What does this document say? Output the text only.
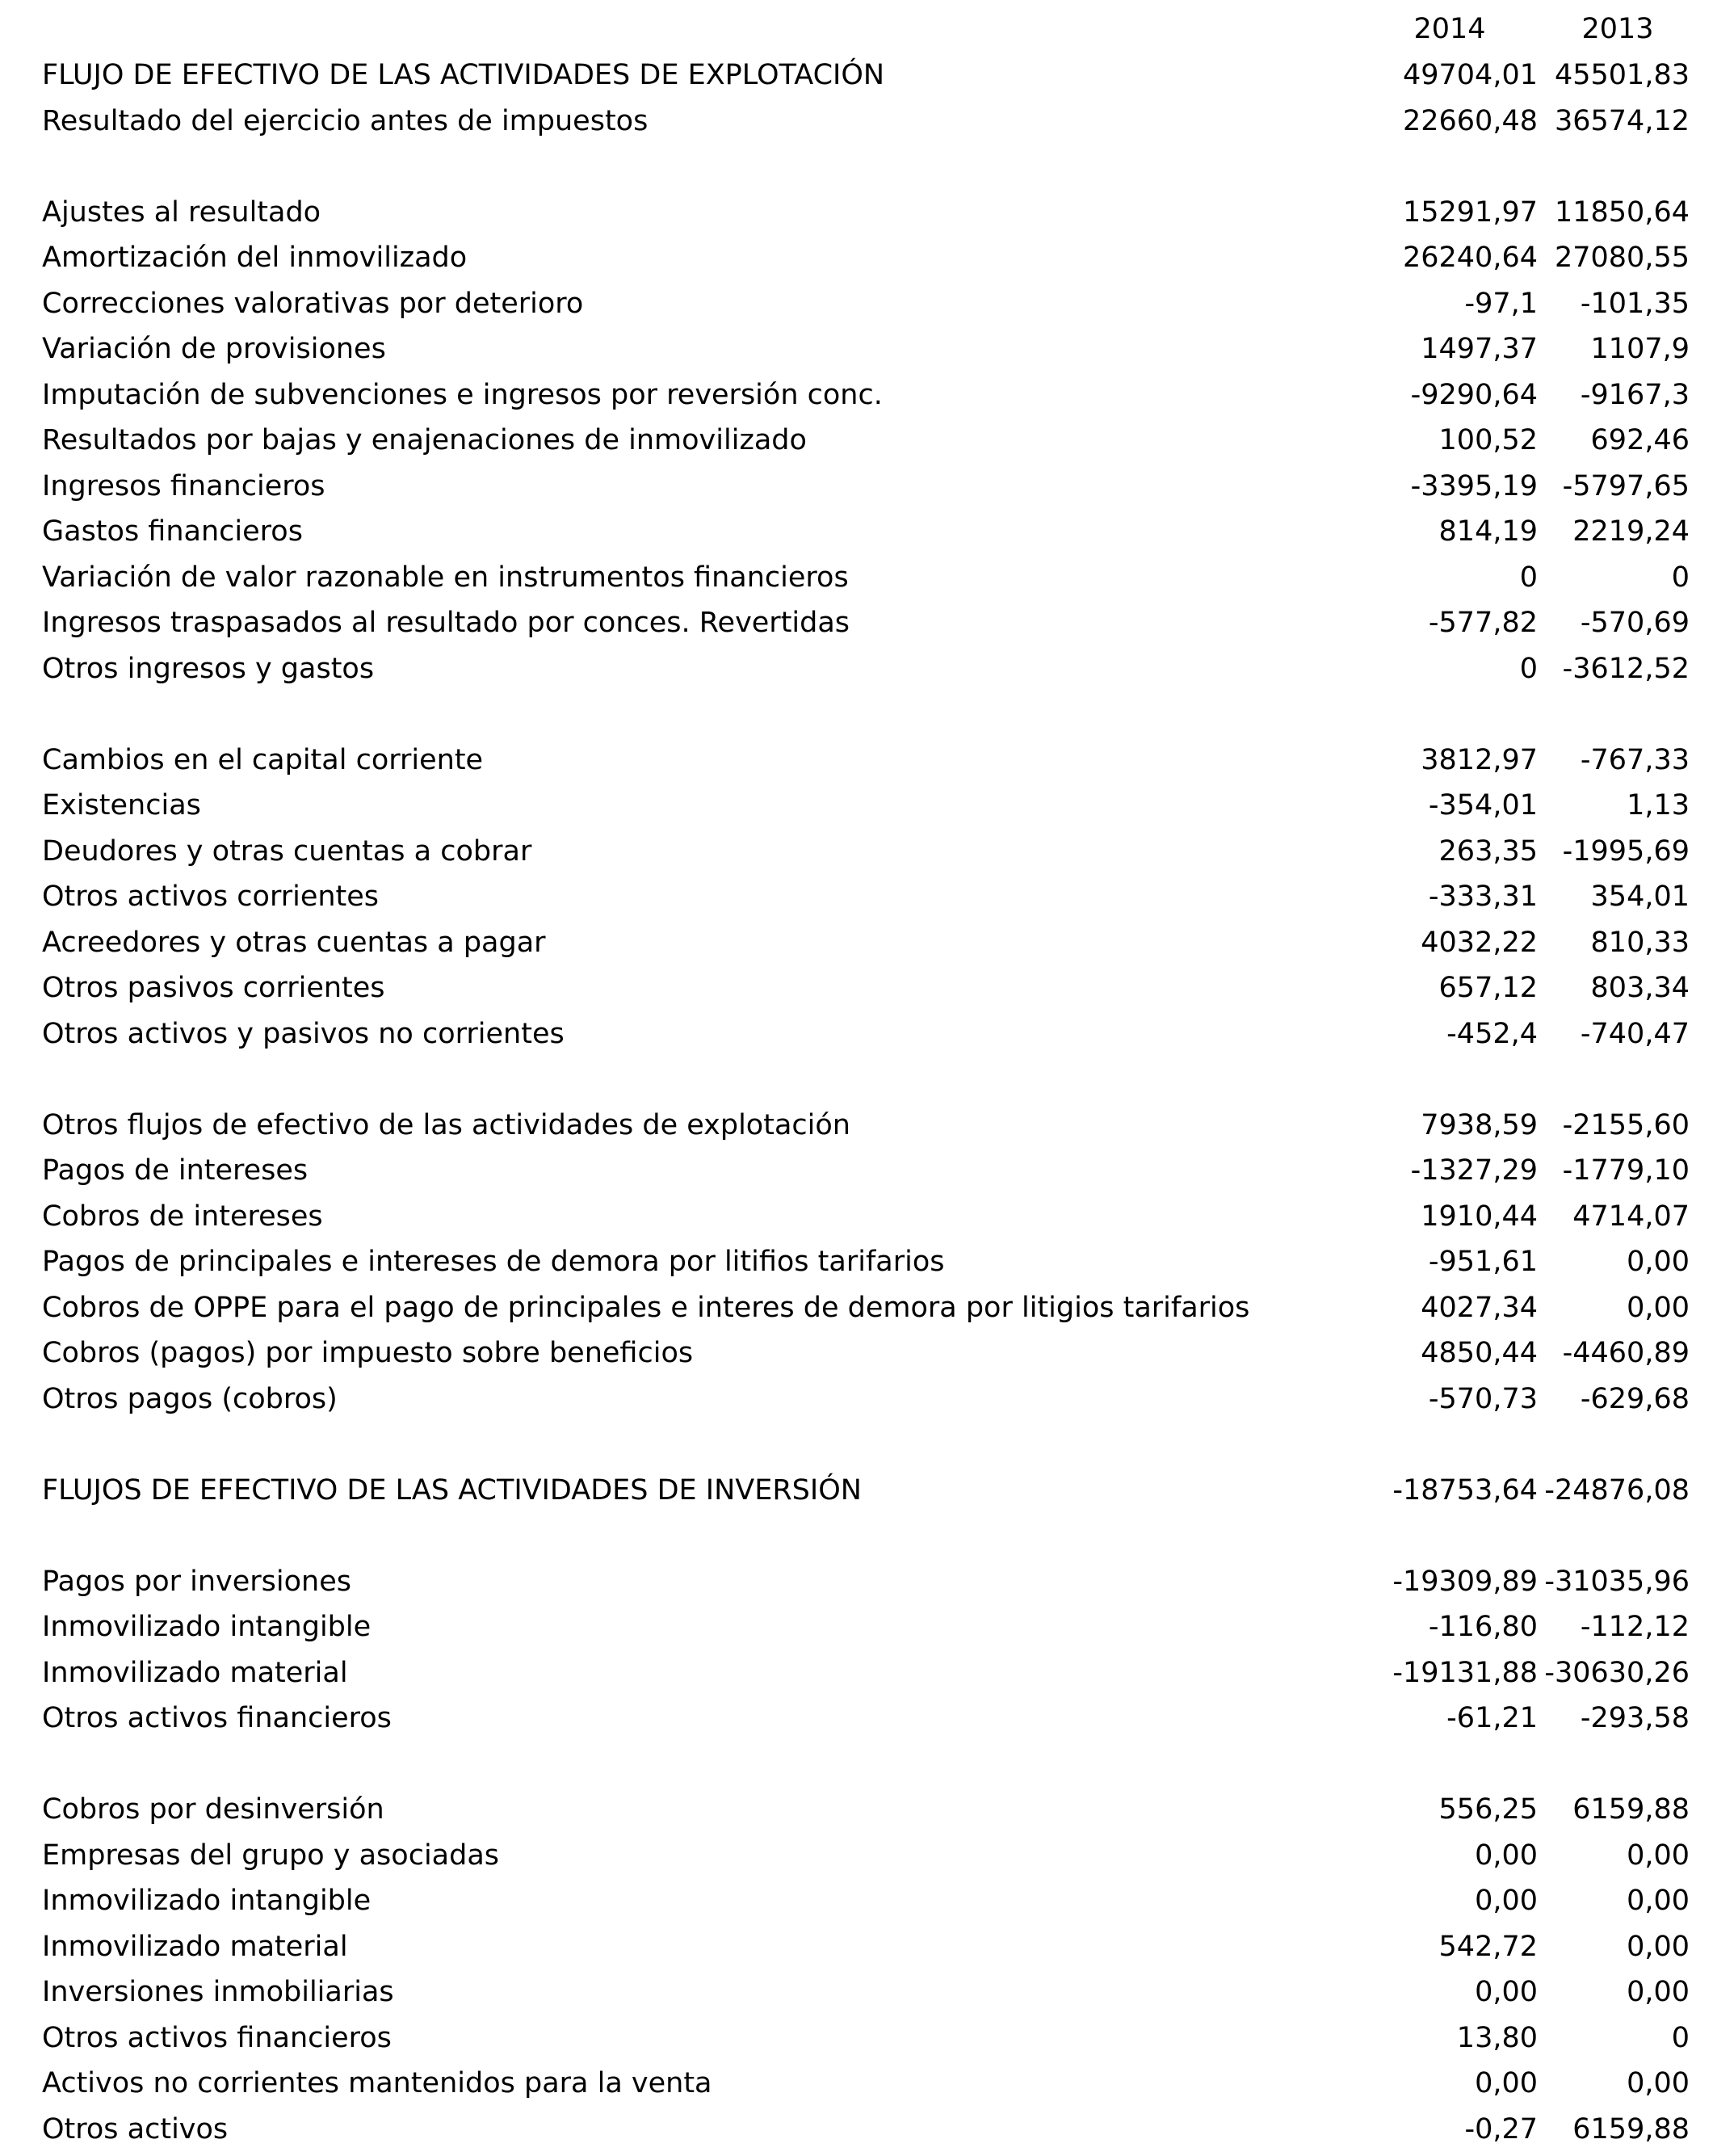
2014	2013
FLUJO DE EFECTIVO DE LAS ACTIVIDADES DE EXPLOTACIÓN	49704,01 45501,83
Resultado del ejercicio antes de impuestos	22660,48 36574,12
Ajustes al resultado	15291,97 11850,64
Amortización del inmovilizado	26240,64 27080,55
Correcciones valorativas por deterioro	-97,1 -101,35
Variación de provisiones	1497,37 1107,9
Imputación de subvenciones e ingresos por reversión conc.	-9290,64 -9167,3
Resultados por bajas y enajenaciones de inmovilizado	100,52 692,46
Ingresos financieros	-3395,19 -5797,65
Gastos financieros	814,19 2219,24
Variación de valor razonable en instrumentos financieros	0	0
Ingresos traspasados al resultado por conces. Revertidas	-577,82 -570,69
Otros ingresos y gastos	0 -3612,52
Cambios en el capital corriente	3812,97 -767,33
Existencias	-354,01	1,13
Deudores y otras cuentas a cobrar	263,35 -1995,69
Otros activos corrientes	-333,31 354,01
Acreedores y otras cuentas a pagar	4032,22 810,33
Otros pasivos corrientes	657,12 803,34
Otros activos y pasivos no corrientes	-452,4 -740,47
Otros flujos de efectivo de las actividades de explotación	7938,59 -2155,60
Pagos de intereses	-1327,29 -1779,10
Cobros de intereses	1910,44 4714,07
Pagos de principales e intereses de demora por litifios tarifarios	-951,61	0,00
Cobros de OPPE para el pago de principales e interes de demora por litigios tarifarios	4027,34	0,00
Cobros (pagos) por impuesto sobre beneficios	4850,44 -4460,89
Otros pagos (cobros)	-570,73 -629,68
FLUJOS DE EFECTIVO DE LAS ACTIVIDADES DE INVERSIÓN	-18753,64 -24876,08
Pagos por inversiones	-19309,89 -31035,96
Inmovilizado intangible	-116,80 -112,12
Inmovilizado material	-19131,88 -30630,26
Otros activos financieros	-61,21 -293,58
Cobros por desinversión	556,25 6159,88
Empresas del grupo y asociadas	0,00	0,00
Inmovilizado intangible	0,00	0,00
Inmovilizado material	542,72	0,00
Inversiones inmobiliarias	0,00	0,00
Otros activos financieros	13,80	0
Activos no corrientes mantenidos para la venta	0,00	0,00
Otros activos	-0,27 6159,88
